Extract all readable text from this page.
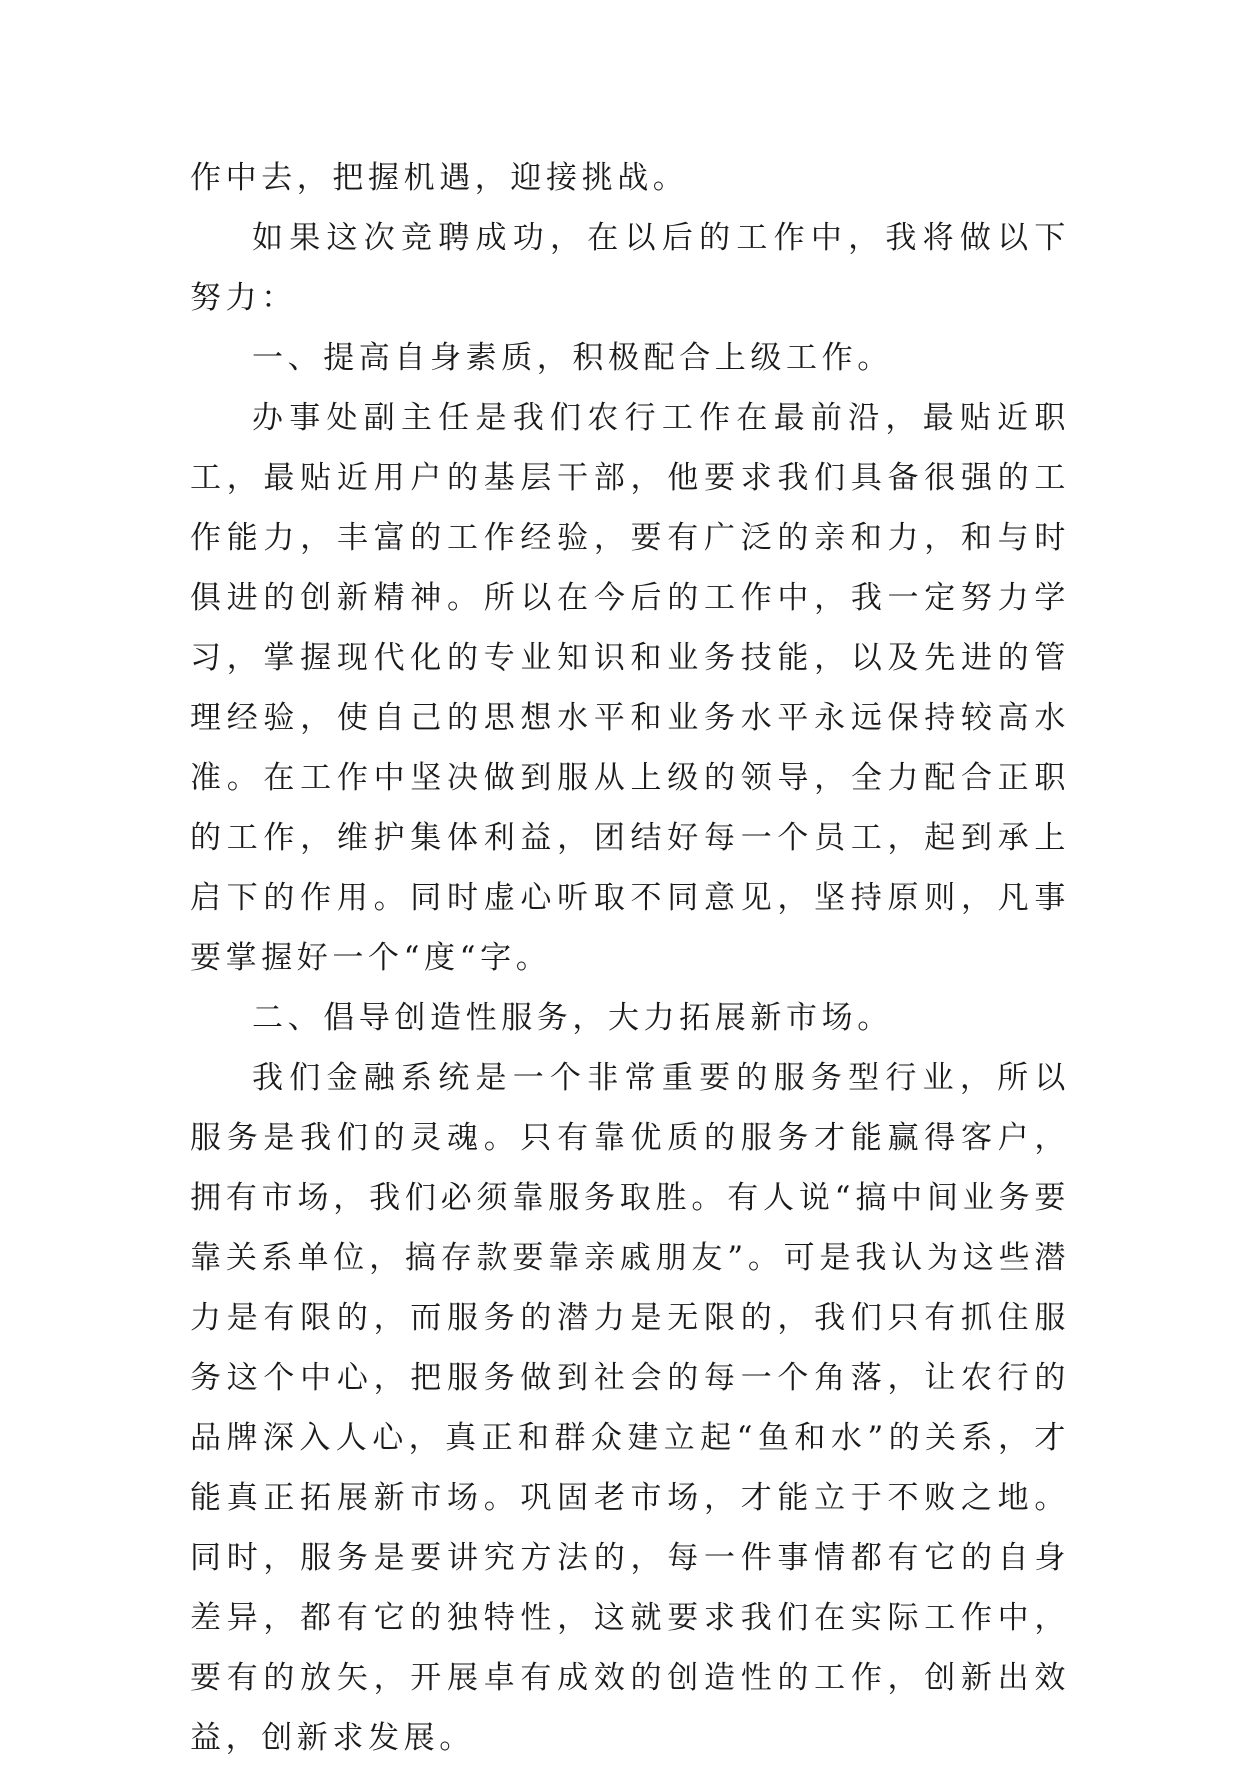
作中去，把握机遇，迎接挑战。

如果这次竞聘成功，在以后的工作中，我将做以下努力：

一、提高自身素质，积极配合上级工作。

办事处副主任是我们农行工作在最前沿，最贴近职工，最贴近用户的基层干部，他要求我们具备很强的工作能力，丰富的工作经验，要有广泛的亲和力，和与时俱进的创新精神。所以在今后的工作中，我一定努力学习，掌握现代化的专业知识和业务技能，以及先进的管理经验，使自己的思想水平和业务水平永远保持较高水准。在工作中坚决做到服从上级的领导，全力配合正职的工作，维护集体利益，团结好每一个员工，起到承上启下的作用。同时虚心听取不同意见，坚持原则，凡事要掌握好一个“度“字。

二、倡导创造性服务，大力拓展新市场。

我们金融系统是一个非常重要的服务型行业，所以服务是我们的灵魂。只有靠优质的服务才能赢得客户，拥有市场，我们必须靠服务取胜。有人说“搞中间业务要靠关系单位，搞存款要靠亲戚朋友”。可是我认为这些潜力是有限的，而服务的潜力是无限的，我们只有抓住服务这个中心，把服务做到社会的每一个角落，让农行的品牌深入人心，真正和群众建立起“鱼和水”的关系，才能真正拓展新市场。巩固老市场，才能立于不败之地。同时，服务是要讲究方法的，每一件事情都有它的自身差异，都有它的独特性，这就要求我们在实际工作中，要有的放矢，开展卓有成效的创造性的工作，创新出效益，创新求发展。
